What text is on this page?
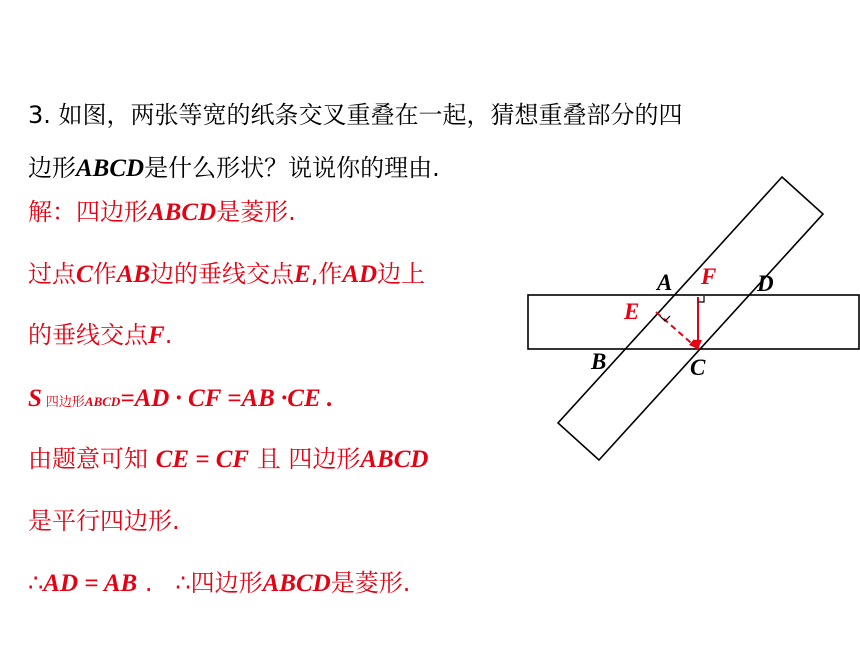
3. 如图，两张等宽的纸条交叉重叠在一起，猜想重叠部分的四
边形ABCD是什么形状？说说你的理由.
解：四边形ABCD是菱形.
过点C作AB边的垂线交点E,作AD边上
的垂线交点F.
S四边形ABCD=AD · CF =AB ·CE .
由题意可知 CE = CF 且 四边形ABCD
是平行四边形.
∴AD = AB .   ∴四边形ABCD是菱形.
A F D
E
B	C
